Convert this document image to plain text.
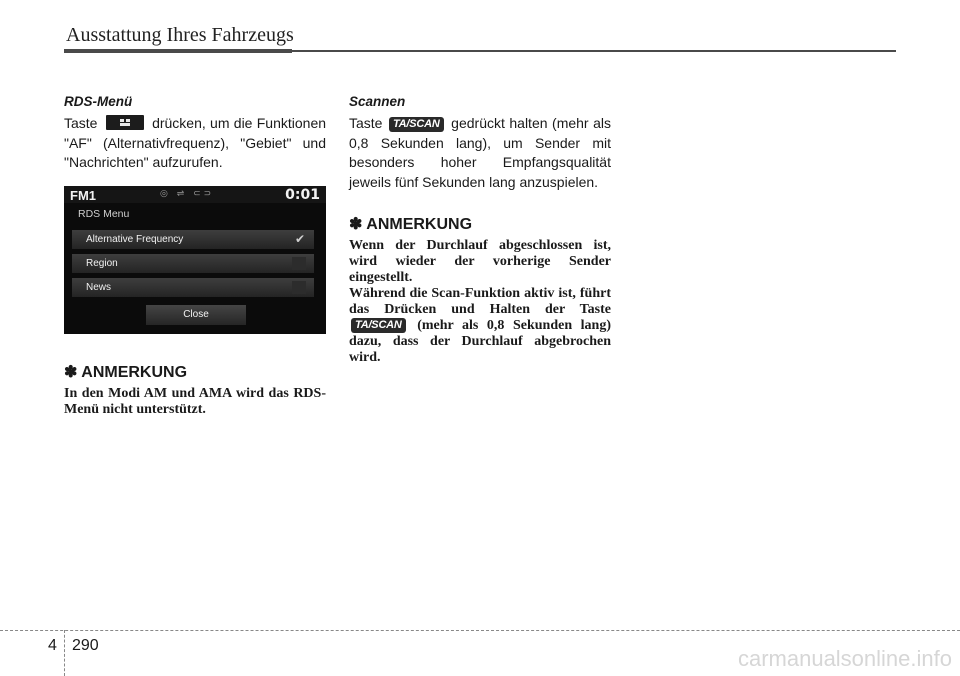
Ausstattung Ihres Fahrzeugs
RDS-Menü

Taste	drücken, um die Funktionen "AF" (Alternativfrequenz), "Gebiet" und "Nachrichten" aufzurufen.

FM1	◎ ⇌ ⊂⊃	0:01
RDS Menu
Alternative Frequency	✔
Region
News
Close
✽ ANMERKUNG

In den Modi AM und AMA wird das RDS-Menü nicht unterstützt.

Scannen

Taste TA/SCAN gedrückt halten (mehr als 0,8 Sekunden lang), um Sender mit besonders hoher Empfangsqualität jeweils fünf Sekunden lang anzuspielen.

✽ ANMERKUNG

Wenn der Durchlauf abgeschlossen ist, wird wieder der vorherige Sender eingestellt.

Während die Scan-Funktion aktiv ist, führt das Drücken und Halten der Taste TA/SCAN (mehr als 0,8 Sekunden lang) dazu, dass der Durchlauf abgebrochen wird.

4 290
carmanualsonline.info
